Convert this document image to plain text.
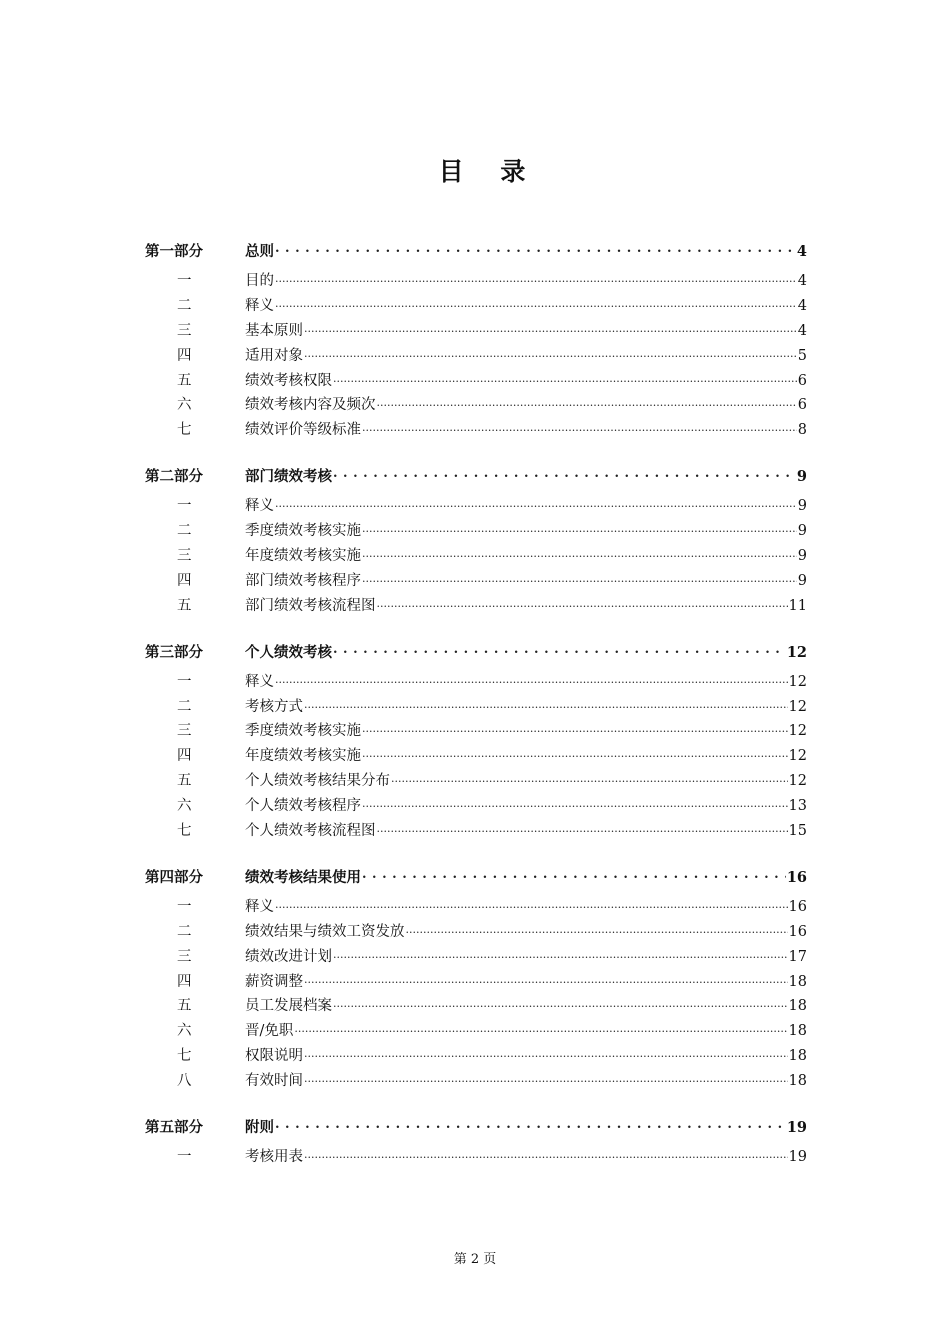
目 录
第一部分	总则 . . .	4
一	目的 .....	4
二	释义 .....	4
三	基本原则 .....	4
四	适用对象 .....	5
五	绩效考核权限 .....	6
六	绩效考核内容及频次 .....	6
七	绩效评价等级标准 .....	8
第二部分	部门绩效考核 . . .	9
一	释义 .....	9
二	季度绩效考核实施 .....	9
三	年度绩效考核实施 .....	9
四	部门绩效考核程序 .....	9
五	部门绩效考核流程图 .....	11
第三部分	个人绩效考核 . . .	12
一	释义 .....	12
二	考核方式 .....	12
三	季度绩效考核实施 .....	12
四	年度绩效考核实施 .....	12
五	个人绩效考核结果分布 .....	12
六	个人绩效考核程序 .....	13
七	个人绩效考核流程图 .....	15
第四部分	绩效考核结果使用 . . .	16
一	释义 .....	16
二	绩效结果与绩效工资发放 .....	16
三	绩效改进计划 .....	17
四	薪资调整 .....	18
五	员工发展档案 .....	18
六	晋/免职 .....	18
七	权限说明 .....	18
八	有效时间 .....	18
第五部分	附则 . . .	19
一	考核用表 .....	19
第 2 页
